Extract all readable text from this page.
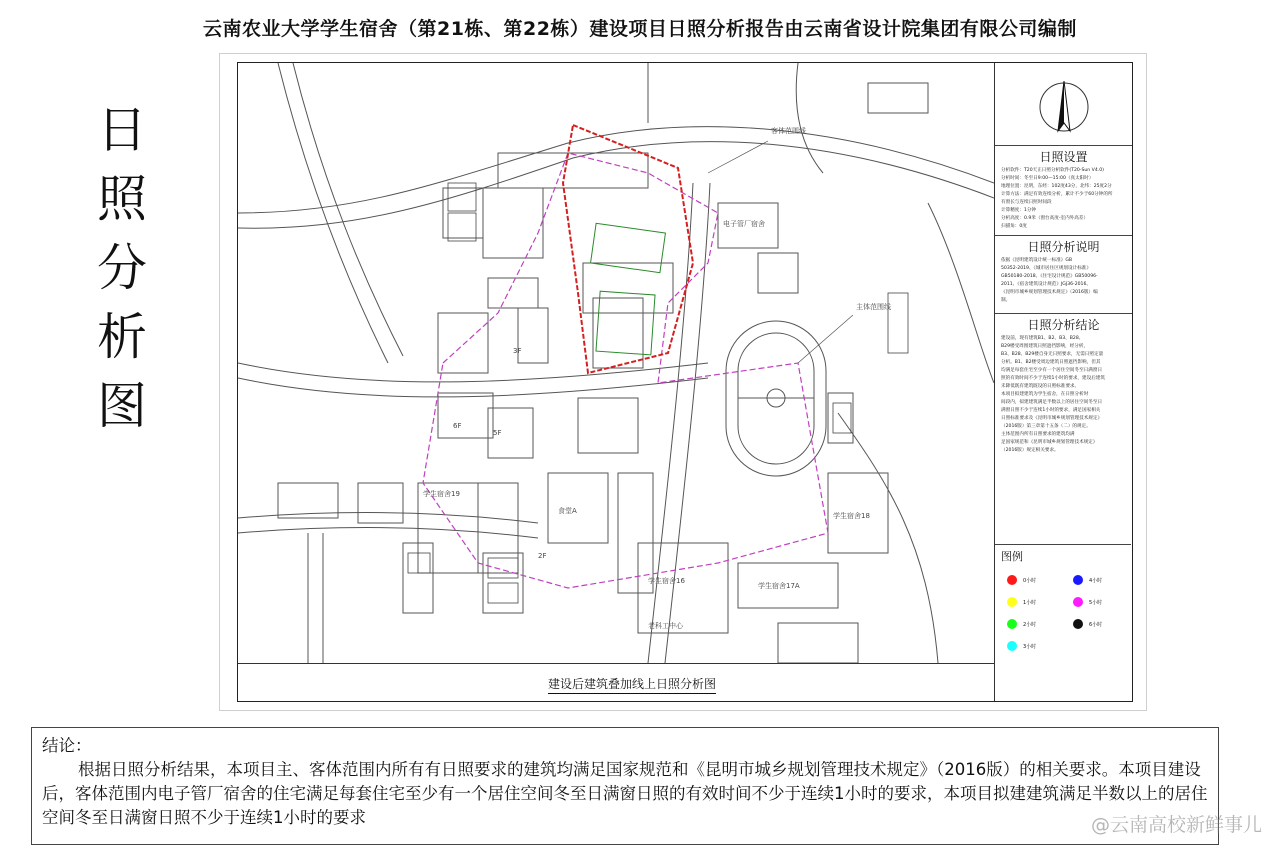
云南农业大学学生宿舍（第21栋、第22栋）建设项目日照分析报告由云南省设计院集团有限公司编制
日
照
分
析
图
客体范围线
主体范围线
电子管厂宿舍
食堂A
学生宿舍16
学生宿舍17A
学生宿舍18
学生宿舍19
老科工中心
3F
5F
6F
2F
建设后建筑叠加线上日照分析图

日照设置

分析软件：T20天正日照分析软件(T20-Sun V4.0)
分析时间：冬至日9:00—15:00（真太阳时）
地理位置：昆明，东经：102度43分，北纬：25度2分
计算方法：满足有效连续分析，累计不少于60分钟的所
有窗长与连续日照时间段
计算精度：1分钟
分析高度：0.9米（窗台高度-室内外高差）
扫描角：0度

日照分析说明

依据《昆明建筑设计统一标准》GB
50352-2019、《城市居住区规划设计标准》
GB50180-2018、《住宅设计规范》GB50096-
2011、《宿舍建筑设计规范》JGJ36-2016、
《昆明市城乡规划管理技术规定》（2016版）编
制。

日照分析结论

建设前，现有建筑B1、B2、B3、B28、
B29楼受周围建筑日照遮挡影响，经分析，
B3、B28、B29楼自身无日照要求，无需日照定量
分析。B1、B2楼受周边建筑日照遮挡影响，但其
均满足每套住宅至少有一个居住空间冬至日满窗日
照的有效时间不少于连续1小时的要求，建设后建筑
未降低既有建筑既设的日照标准要求。
本项目拟建建筑为学生宿舍，在日照分析时
间段内，拟建建筑满足半数以上的居住空间冬至日
满窗日照不少于连续1小时的要求，满足国家相关
日照标准要求及《昆明市城乡规划管理技术规定》
（2016版）第三章第十五条（二）的规定。
主体范围内所有日照要求的建筑均满
足国家规范和《昆明市城乡规划管理技术规定》
（2016版）规定相关要求。
图例
0小时	4小时
1小时	5小时
2小时	6小时
3小时

结论：

根据日照分析结果，本项目主、客体范围内所有有日照要求的建筑均满足国家规范和《昆明市城乡规划管理技术规定》（2016版）的相关要求。本项目建设后，客体范围内电子管厂宿舍的住宅满足每套住宅至少有一个居住空间冬至日满窗日照的有效时间不少于连续1小时的要求，本项目拟建建筑满足半数以上的居住空间冬至日满窗日照不少于连续1小时的要求	@云南高校新鲜事儿
